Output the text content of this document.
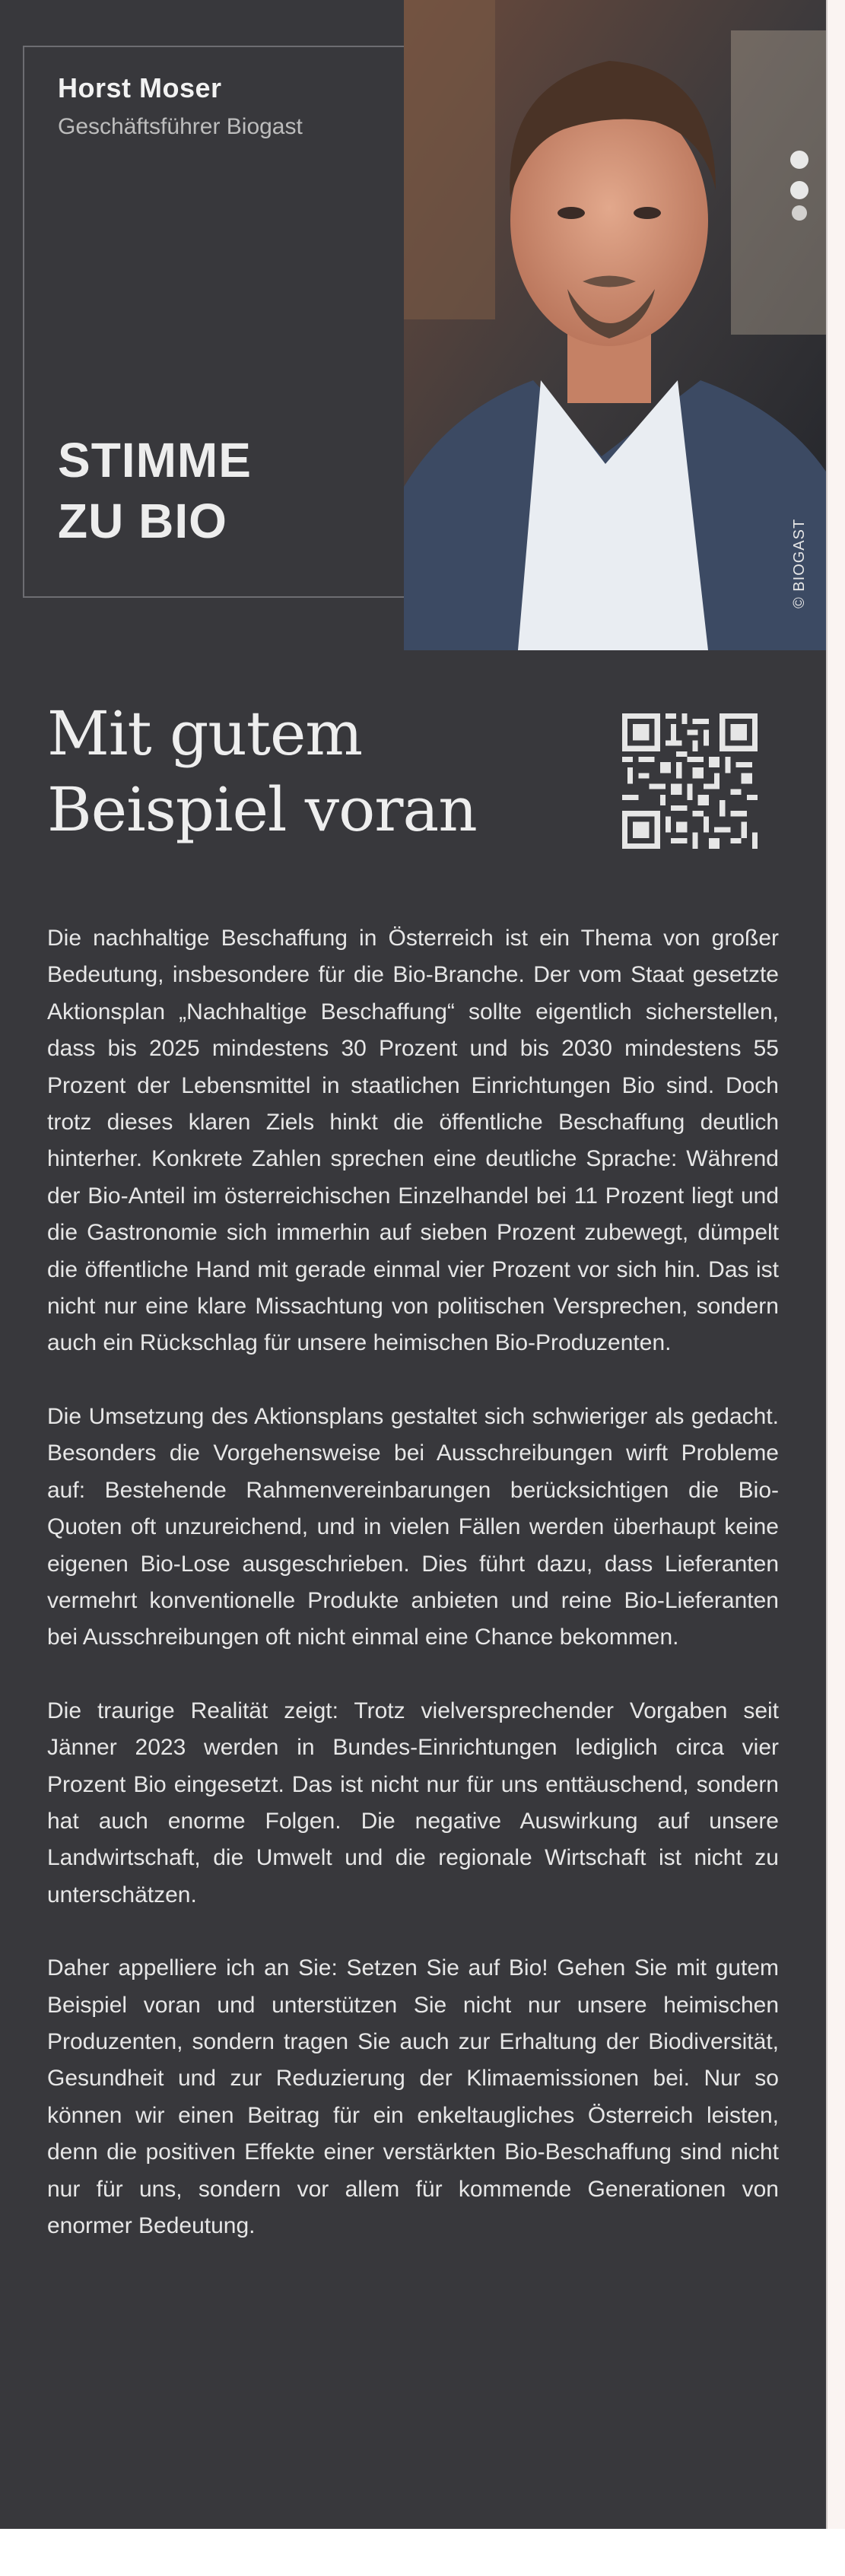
Horst Moser
Geschäftsführer Biogast
STIMME
ZU BIO	© BIOGAST
Mit gutem
Beispiel voran

Die nachhaltige Beschaffung in Österreich ist ein Thema von großer Bedeutung, insbesondere für die Bio-Branche. Der vom Staat gesetzte Aktionsplan „Nachhaltige Beschaffung“ sollte eigentlich sicherstellen, dass bis 2025 mindestens 30 Prozent und bis 2030 mindestens 55 Prozent der Lebensmittel in staatlichen Einrichtungen Bio sind. Doch trotz dieses klaren Ziels hinkt die öffentliche Beschaffung deutlich hinterher. Konkrete Zahlen sprechen eine deutliche Sprache: Während der Bio-Anteil im österreichischen Einzelhandel bei 11 Prozent liegt und die Gastronomie sich immerhin auf sieben Prozent zubewegt, dümpelt die öffentliche Hand mit gerade einmal vier Prozent vor sich hin. Das ist nicht nur eine klare Missachtung von politischen Versprechen, sondern auch ein Rückschlag für unsere heimischen Bio-Produzenten.

Die Umsetzung des Aktionsplans gestaltet sich schwieriger als gedacht. Besonders die Vorgehensweise bei Ausschreibungen wirft Probleme auf: Bestehende Rahmenvereinbarungen berücksichtigen die Bio-Quoten oft unzureichend, und in vielen Fällen werden überhaupt keine eigenen Bio-Lose ausgeschrieben. Dies führt dazu, dass Lieferanten vermehrt konventionelle Produkte anbieten und reine Bio-Lieferanten bei Ausschreibungen oft nicht einmal eine Chance bekommen.

Die traurige Realität zeigt: Trotz vielversprechender Vorgaben seit Jänner 2023 werden in Bundes-Einrichtungen lediglich circa vier Prozent Bio eingesetzt. Das ist nicht nur für uns enttäuschend, sondern hat auch enorme Folgen. Die negative Auswirkung auf unsere Landwirtschaft, die Umwelt und die regionale Wirtschaft ist nicht zu unterschätzen.

Daher appelliere ich an Sie: Setzen Sie auf Bio! Gehen Sie mit gutem Beispiel voran und unterstützen Sie nicht nur unsere heimischen Produzenten, sondern tragen Sie auch zur Erhaltung der Biodiversität, Gesundheit und zur Reduzierung der Klimaemissionen bei. Nur so können wir einen Beitrag für ein enkeltaugliches Österreich leisten, denn die positiven Effekte einer verstärkten Bio-Beschaffung sind nicht nur für uns, sondern vor allem für kommende Generationen von enormer Bedeutung.
